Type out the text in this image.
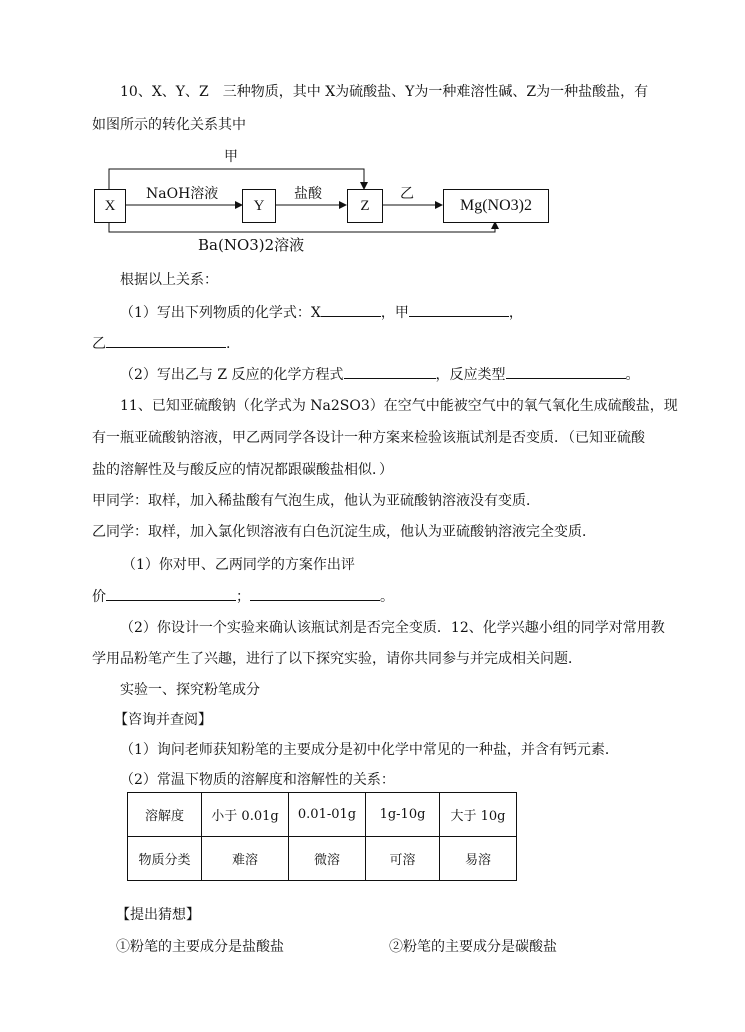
10、X、Y、Z　三种物质，其中 X为硫酸盐、Y为一种难溶性碱、Z为一种盐酸盐，有
如图所示的转化关系其中
X	Y	Z	Mg(NO3)2
甲
NaOH溶液	盐酸	乙
Ba(NO3)2溶液
根据以上关系：
（1）写出下列物质的化学式：X	，甲	，
乙	.
（2）写出乙与 Z 反应的化学方程式	，反应类型	。
11、已知亚硫酸钠（化学式为 Na2SO3）在空气中能被空气中的氧气氧化生成硫酸盐，现
有一瓶亚硫酸钠溶液，甲乙两同学各设计一种方案来检验该瓶试剂是否变质．（已知亚硫酸
盐的溶解性及与酸反应的情况都跟碳酸盐相似．）
甲同学：取样，加入稀盐酸有气泡生成，他认为亚硫酸钠溶液没有变质．
乙同学：取样，加入氯化钡溶液有白色沉淀生成，他认为亚硫酸钠溶液完全变质．
（1）你对甲、乙两同学的方案作出评
价	；	。
（2）你设计一个实验来确认该瓶试剂是否完全变质．12、化学兴趣小组的同学对常用教
学用品粉笔产生了兴趣，进行了以下探究实验，请你共同参与并完成相关问题．
实验一、探究粉笔成分
【咨询并查阅】
（1）询问老师获知粉笔的主要成分是初中化学中常见的一种盐，并含有钙元素．
（2）常温下物质的溶解度和溶解性的关系：
溶解度	小于 0.01g	0.01-01g	1g-10g	大于 10g
物质分类	难溶	微溶	可溶	易溶
【提出猜想】
①粉笔的主要成分是盐酸盐	②粉笔的主要成分是碳酸盐
